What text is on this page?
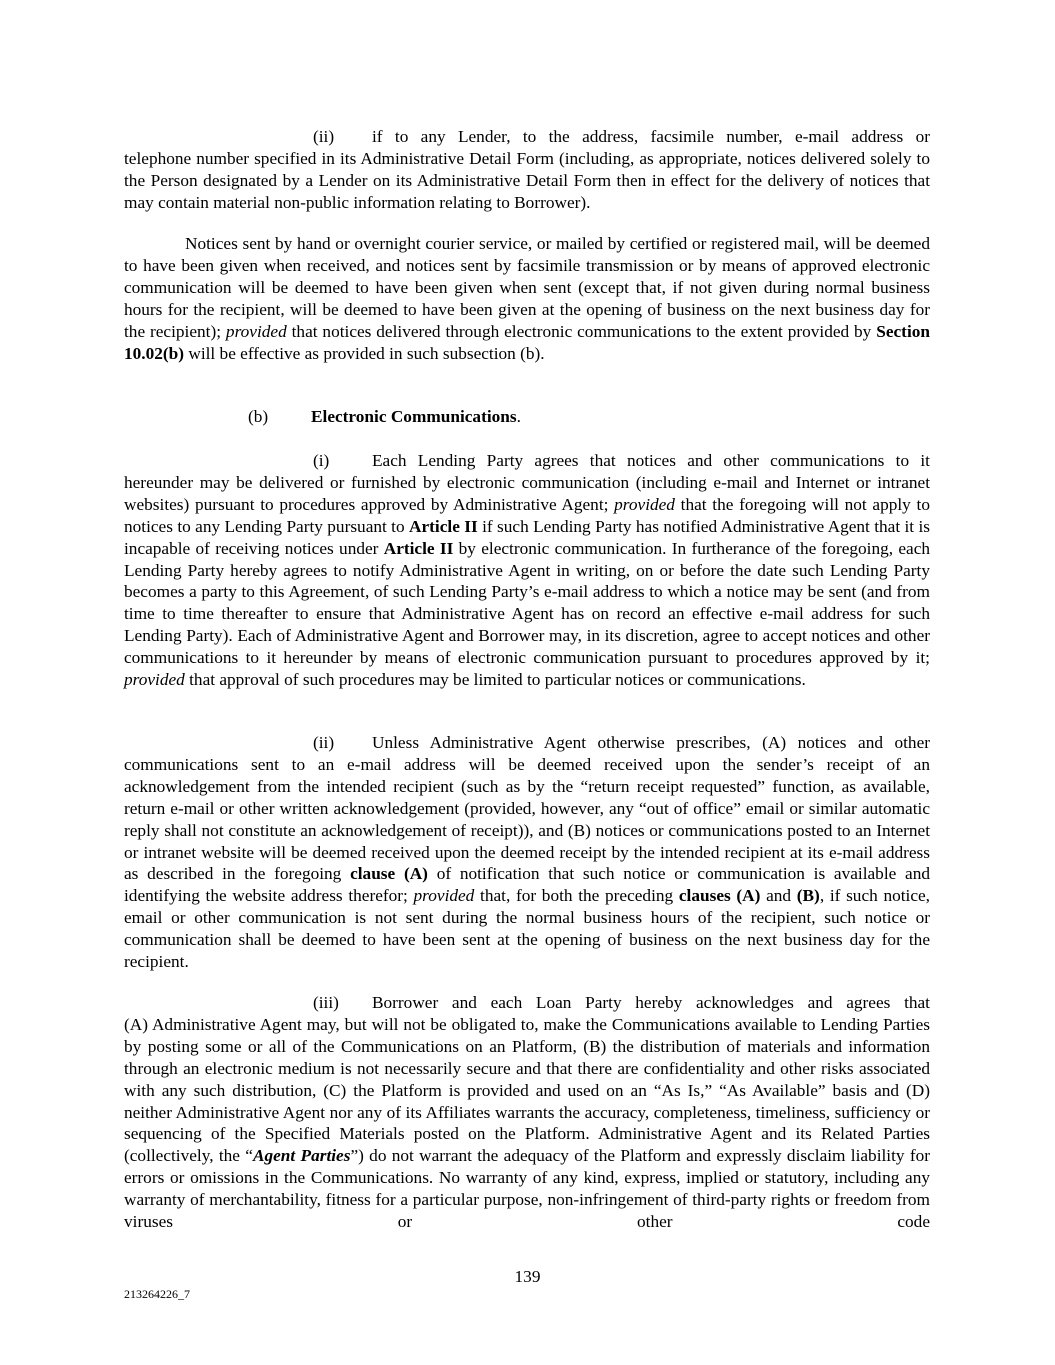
(ii) if to any Lender, to the address, facsimile number, e-mail address or
telephone number specified in its Administrative Detail Form (including, as appropriate, notices delivered solely to the Person designated by a Lender on its Administrative Detail Form then in effect for the delivery of notices that may contain material non-public information relating to Borrower).

Notices sent by hand or overnight courier service, or mailed by certified or registered mail, will be deemed to have been given when received, and notices sent by facsimile transmission or by means of approved electronic communication will be deemed to have been given when sent (except that, if not given during normal business hours for the recipient, will be deemed to have been given at the opening of business on the next business day for the recipient); provided that notices delivered through electronic communications to the extent provided by Section 10.02(b) will be effective as provided in such subsection (b).

(b) Electronic Communications.

(i) Each Lending Party agrees that notices and other communications to it
hereunder may be delivered or furnished by electronic communication (including e-mail and Internet or intranet websites) pursuant to procedures approved by Administrative Agent; provided that the foregoing will not apply to notices to any Lending Party pursuant to Article II if such Lending Party has notified Administrative Agent that it is incapable of receiving notices under Article II by electronic communication. In furtherance of the foregoing, each Lending Party hereby agrees to notify Administrative Agent in writing, on or before the date such Lending Party becomes a party to this Agreement, of such Lending Party’s e-mail address to which a notice may be sent (and from time to time thereafter to ensure that Administrative Agent has on record an effective e-mail address for such Lending Party). Each of Administrative Agent and Borrower may, in its discretion, agree to accept notices and other communications to it hereunder by means of electronic communication pursuant to procedures approved by it; provided that approval of such procedures may be limited to particular notices or communications.
(ii) Unless Administrative Agent otherwise prescribes, (A) notices and other
communications sent to an e-mail address will be deemed received upon the sender’s receipt of an acknowledgement from the intended recipient (such as by the “return receipt requested” function, as available, return e-mail or other written acknowledgement (provided, however, any “out of office” email or similar automatic reply shall not constitute an acknowledgement of receipt)), and (B) notices or communications posted to an Internet or intranet website will be deemed received upon the deemed receipt by the intended recipient at its e-mail address as described in the foregoing clause (A) of notification that such notice or communication is available and identifying the website address therefor; provided that, for both the preceding clauses (A) and (B), if such notice, email or other communication is not sent during the normal business hours of the recipient, such notice or communication shall be deemed to have been sent at the opening of business on the next business day for the recipient.
(iii) Borrower and each Loan Party hereby acknowledges and agrees that
(A) Administrative Agent may, but will not be obligated to, make the Communications available to Lending Parties by posting some or all of the Communications on an Platform, (B) the distribution of materials and information through an electronic medium is not necessarily secure and that there are confidentiality and other risks associated with any such distribution, (C) the Platform is provided and used on an “As Is,” “As Available” basis and (D) neither Administrative Agent nor any of its Affiliates warrants the accuracy, completeness, timeliness, sufficiency or sequencing of the Specified Materials posted on the Platform. Administrative Agent and its Related Parties (collectively, the “Agent Parties”) do not warrant the adequacy of the Platform and expressly disclaim liability for errors or omissions in the Communications. No warranty of any kind, express, implied or statutory, including any warranty of merchantability, fitness for a particular purpose, non-infringement of third-party rights or freedom from viruses or other code

139

213264226_7
